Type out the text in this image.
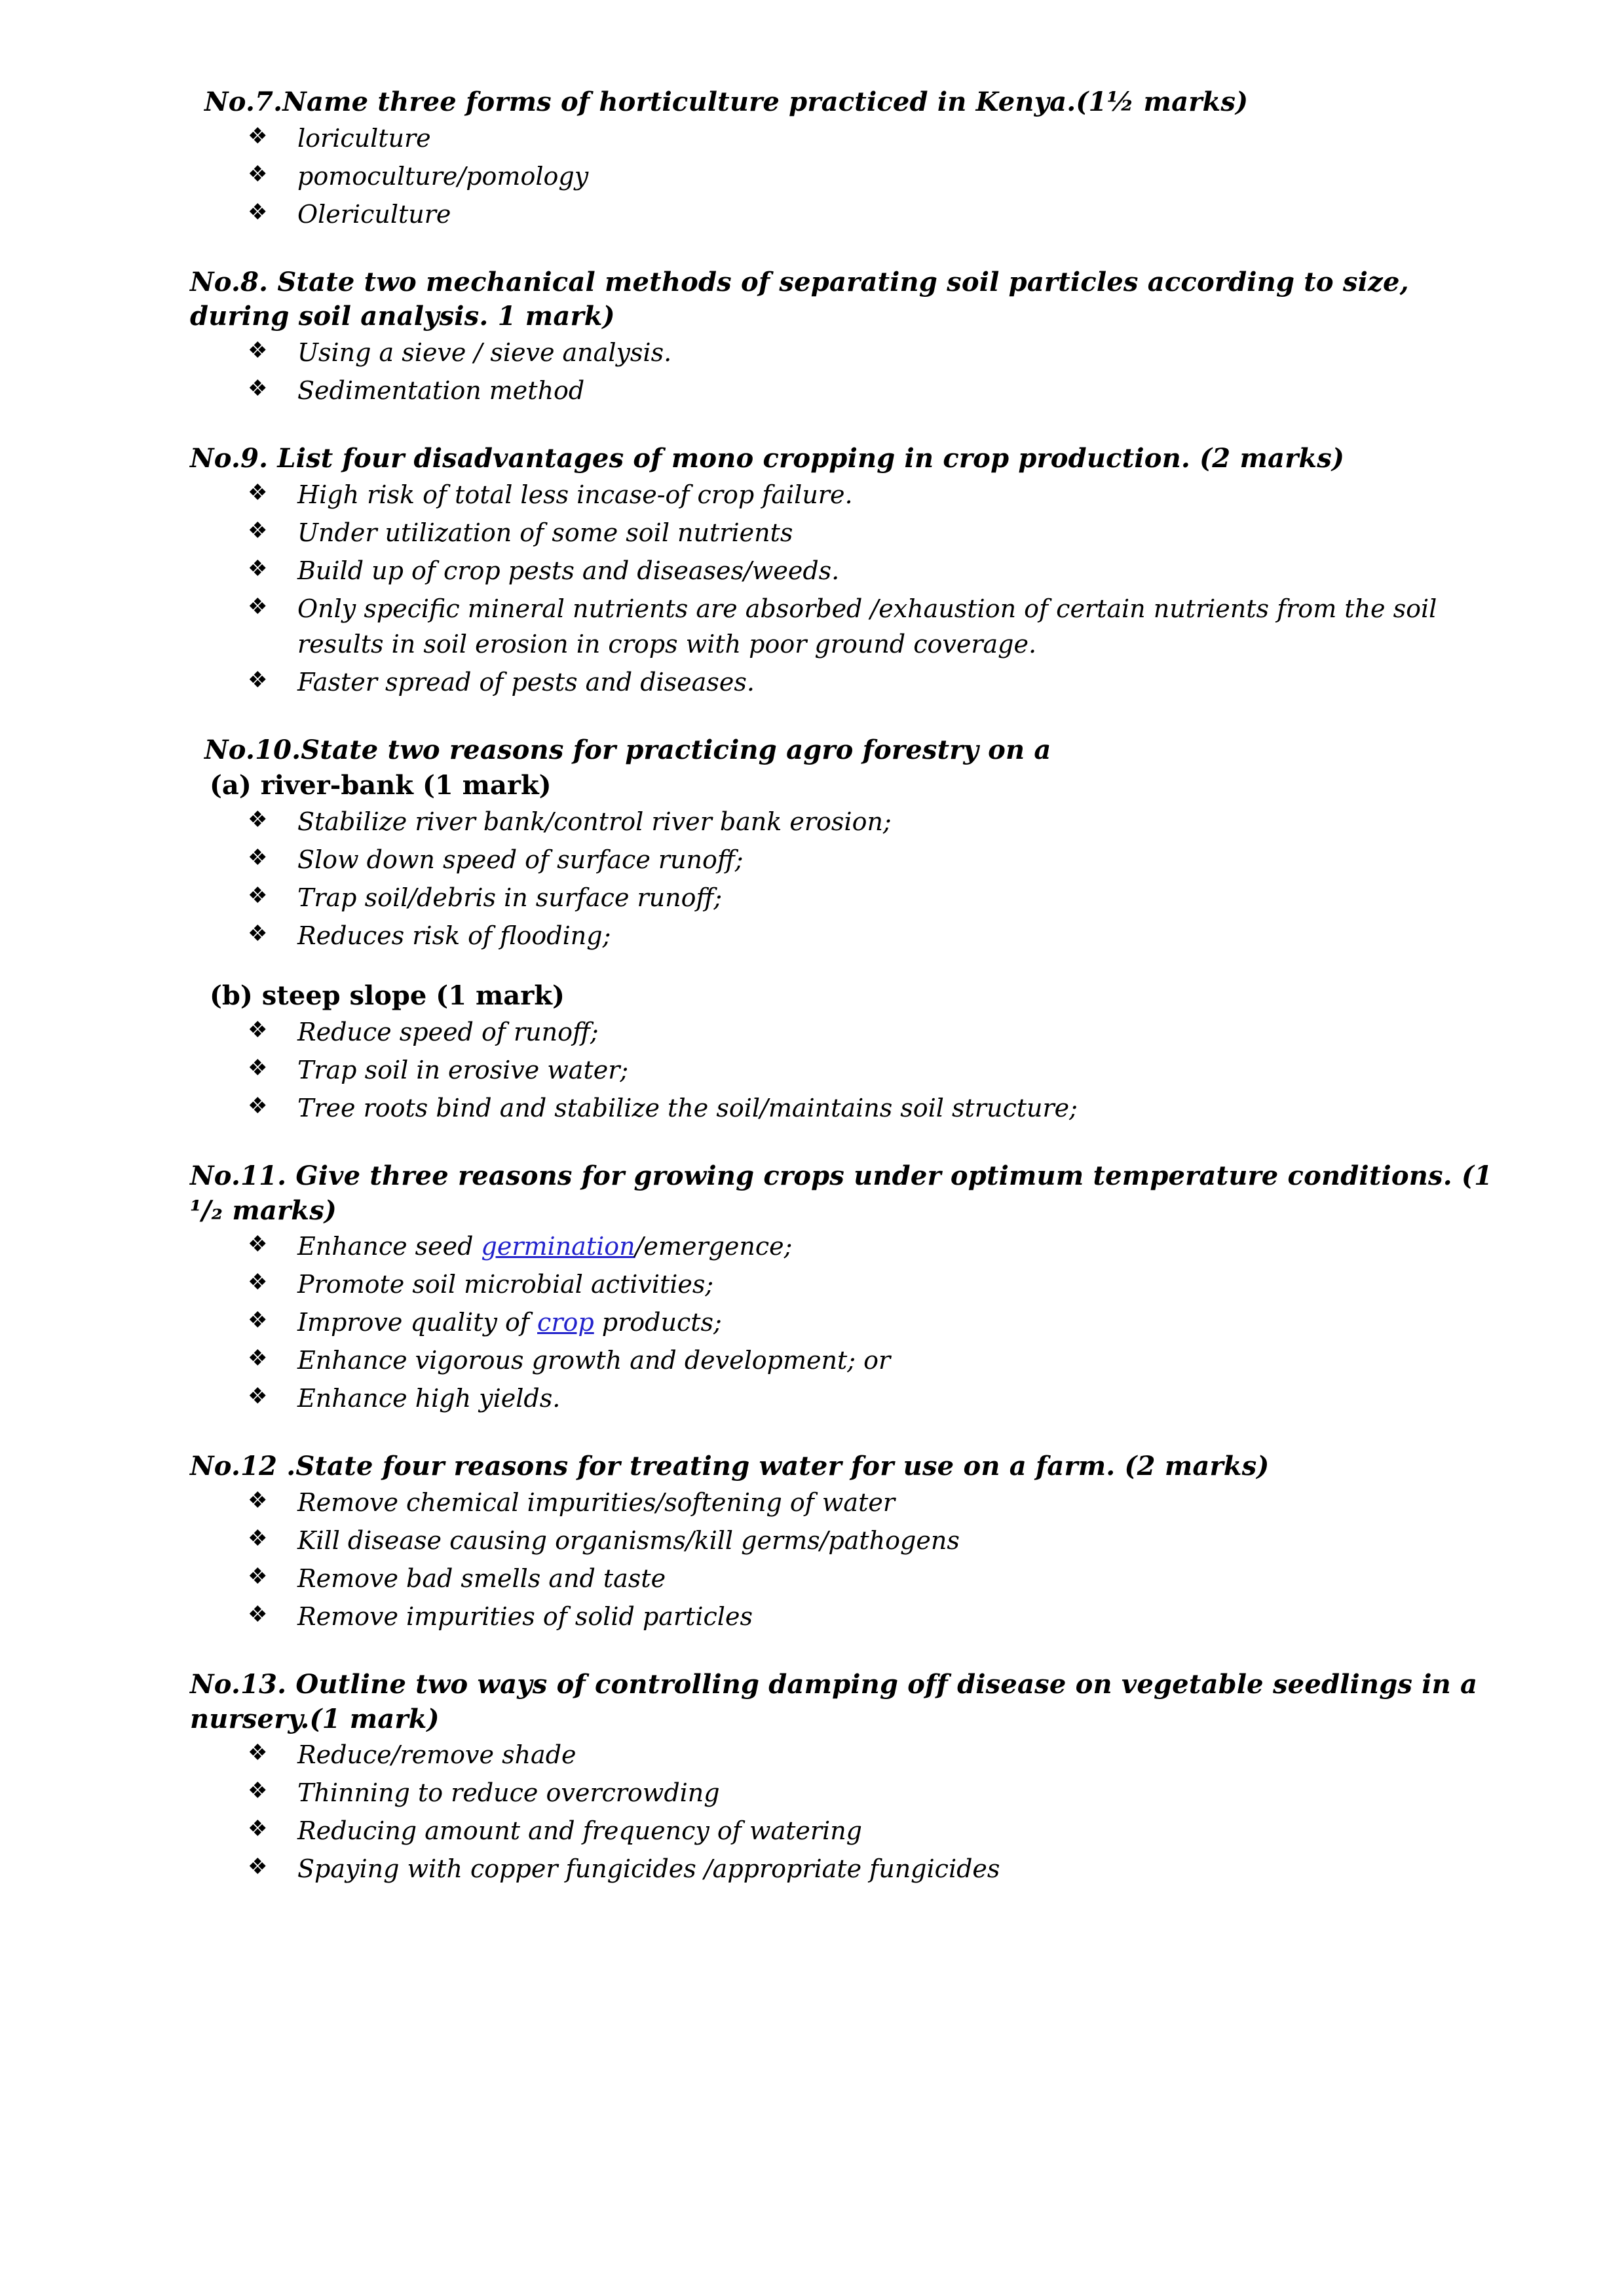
No.7.Name three forms of horticulture practiced in Kenya.(1½ marks)

❖ loriculture
❖ pomoculture/pomology
❖ Olericulture

No.8. State two mechanical methods of separating soil particles according to size, during soil analysis. 1 mark)

❖ Using a sieve / sieve analysis.
❖ Sedimentation method

No.9. List four disadvantages of mono cropping in crop production. (2 marks)

❖ High risk of total less incase-of crop failure.
❖ Under utilization of some soil nutrients
❖ Build up of crop pests and diseases/weeds.
❖ Only specific mineral nutrients are absorbed /exhaustion of certain nutrients from the soil results in soil erosion in crops with poor ground coverage.
❖ Faster spread of pests and diseases.

No.10.State two reasons for practicing agro forestry on a

(a) river-bank (1 mark)

❖ Stabilize river bank/control river bank erosion;
❖ Slow down speed of surface runoff;
❖ Trap soil/debris in surface runoff;
❖ Reduces risk of flooding;

(b) steep slope (1 mark)

❖ Reduce speed of runoff;
❖ Trap soil in erosive water;
❖ Tree roots bind and stabilize the soil/maintains soil structure;

No.11. Give three reasons for growing crops under optimum temperature conditions. (1 ¹/₂ marks)

❖ Enhance seed germination/emergence;
❖ Promote soil microbial activities;
❖ Improve quality of crop products;
❖ Enhance vigorous growth and development; or
❖ Enhance high yields.

No.12 .State four reasons for treating water for use on a farm. (2 marks)

❖ Remove chemical impurities/softening of water
❖ Kill disease causing organisms/kill germs/pathogens
❖ Remove bad smells and taste
❖ Remove impurities of solid particles

No.13. Outline two ways of controlling damping off disease on vegetable seedlings in a nursery.(1 mark)

❖ Reduce/remove shade
❖ Thinning to reduce overcrowding
❖ Reducing amount and frequency of watering
❖ Spaying with copper fungicides /appropriate fungicides
